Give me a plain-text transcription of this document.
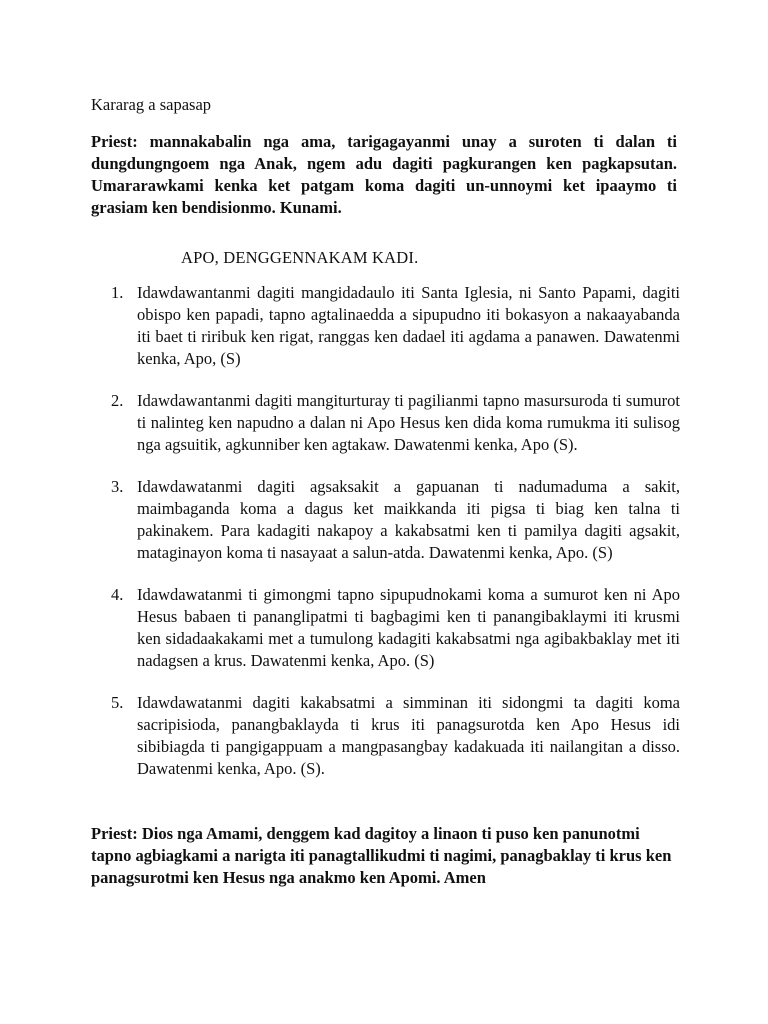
Kararag a sapasap
Priest: mannakabalin nga ama, tarigagayanmi unay a suroten ti dalan ti dungdungngoem nga Anak, ngem adu dagiti pagkurangen ken pagkapsutan. Umararawkami kenka ket patgam koma dagiti un-unnoymi ket ipaaymo ti grasiam ken bendisionmo. Kunami.
APO, DENGGENNAKAM KADI.
1. Idawdawantanmi dagiti mangidadaulo iti Santa Iglesia, ni Santo Papami, dagiti obispo ken papadi, tapno agtalinaedda a sipupudno iti bokasyon a nakaayabanda iti baet ti riribuk ken rigat, ranggas ken dadael iti agdama a panawen. Dawatenmi kenka, Apo, (S)
2. Idawdawantanmi dagiti mangiturturay ti pagilianmi tapno masursuroda ti sumurot ti nalinteg ken napudno a dalan ni Apo Hesus ken dida koma rumukma iti sulisog nga agsuitik, agkunniber ken agtakaw. Dawatenmi kenka, Apo (S).
3. Idawdawatanmi dagiti agsaksakit a gapuanan ti nadumaduma a sakit, maimbaganda koma a dagus ket maikkanda iti pigsa ti biag ken talna ti pakinakem. Para kadagiti nakapoy a kakabsatmi ken ti pamilya dagiti agsakit, mataginayon koma ti nasayaat a salun-atda. Dawatenmi kenka, Apo. (S)
4. Idawdawatanmi ti gimongmi tapno sipupudnokami koma a sumurot ken ni Apo Hesus babaen ti pananglipatmi ti bagbagimi ken ti panangibaklaymi iti krusmi ken sidadaakakami met a tumulong kadagiti kakabsatmi nga agibakbaklay met iti nadagsen a krus. Dawatenmi kenka, Apo. (S)
5. Idawdawatanmi dagiti kakabsatmi a simminan iti sidongmi ta dagiti koma sacripisioda, panangbaklayda ti krus iti panagsurotda ken Apo Hesus idi sibibiagda ti pangigappuam a mangpasangbay kadakuada iti nailangitan a disso. Dawatenmi kenka, Apo. (S).
Priest: Dios nga Amami, denggem kad dagitoy a linaon ti puso ken panunotmi tapno agbiagkami a narigta iti panagtallikudmi ti nagimi, panagbaklay ti krus ken panagsurotmi ken Hesus nga anakmo ken Apomi. Amen
